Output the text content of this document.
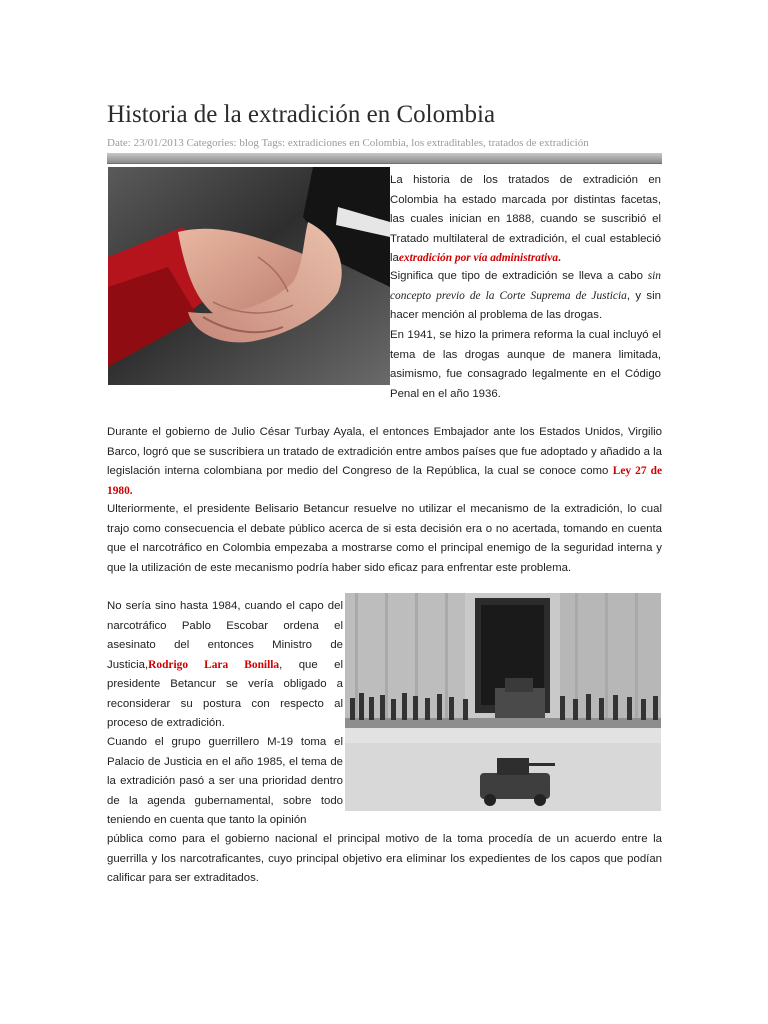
Historia de la extradición en Colombia
Date: 23/01/2013 Categories: blog Tags: extradiciones en Colombia, los extraditables, tratados de extradición

La historia de los tratados de extradición en Colombia ha estado marcada por distintas facetas, las cuales inician en 1888, cuando se suscribió el Tratado multilateral de extradición, el cual estableció laextradición por vía administrativa.

Significa que tipo de extradición se lleva a cabo sin concepto previo de la Corte Suprema de Justicia, y sin hacer mención al problema de las drogas.

En 1941, se hizo la primera reforma la cual incluyó el tema de las drogas aunque de manera limitada, asimismo, fue consagrado legalmente en el Código Penal en el año 1936.

Durante el gobierno de Julio César Turbay Ayala, el entonces Embajador ante los Estados Unidos, Virgilio Barco, logró que se suscribiera un tratado de extradición entre ambos países que fue adoptado y añadido a la legislación interna colombiana por medio del Congreso de la República, la cual se conoce como Ley 27 de 1980.

Ulteriormente, el presidente Belisario Betancur resuelve no utilizar el mecanismo de la extradición, lo cual trajo como consecuencia el debate público acerca de si esta decisión era o no acertada, tomando en cuenta que el narcotráfico en Colombia empezaba a mostrarse como el principal enemigo de la seguridad interna y que la utilización de este mecanismo podría haber sido eficaz para enfrentar este problema.

No sería sino hasta 1984, cuando el capo del narcotráfico Pablo Escobar ordena el asesinato del entonces Ministro de Justicia,Rodrigo Lara Bonilla, que el presidente Betancur se vería obligado a reconsiderar su postura con respecto al proceso de extradición.

Cuando el grupo guerrillero M-19 toma el Palacio de Justicia en el año 1985, el tema de la extradición pasó a ser una prioridad dentro de la agenda gubernamental, sobre todo teniendo en cuenta que tanto la opinión

pública como para el gobierno nacional el principal motivo de la toma procedía de un acuerdo entre la guerrilla y los narcotraficantes, cuyo principal objetivo era eliminar los expedientes de los capos que podían calificar para ser extraditados.
